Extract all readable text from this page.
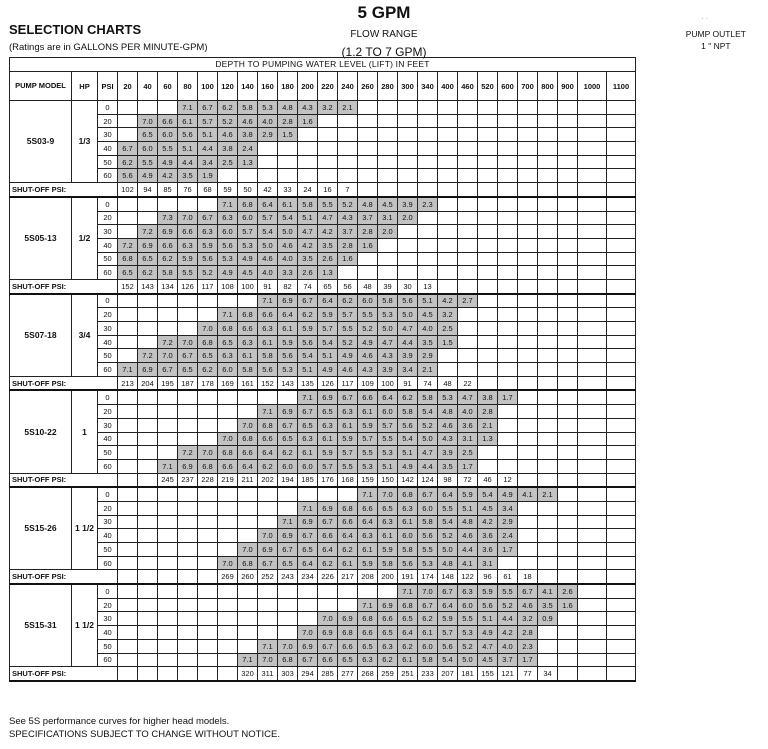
SELECTION CHARTS
(Ratings are in GALLONS PER MINUTE-GPM)
5 GPM
FLOW RANGE
(1.2 TO 7 GPM)
. .
PUMP OUTLET
1 " NPT
DEPTH TO PUMPING WATER LEVEL (LIFT) IN FEET																											
PUMP MODEL	HP	PSI	20	40	60	80	100	120	140	160	180	200	220	240	260	280	300	340	400	460	520	600	700	800	900	1000	1100
5S03-9	1/3	0				7.1	6.7	6.2	5.8	5.3	4.8	4.3	3.2	2.1													
		20		7.0	6.6	6.1	5.7	5.2	4.6	4.0	2.8	1.6															
		30		6.5	6.0	5.6	5.1	4.6	3.8	2.9	1.5																
		40	6.7	6.0	5.5	5.1	4.4	3.8	2.4																		
		50	6.2	5.5	4.9	4.4	3.4	2.5	1.3																		
		60	5.6	4.9	4.2	3.5	1.9																				
SHUT-OFF PSI:			102	94	85	76	68	59	50	42	33	24	16	7													
5S05-13	1/2	0						7.1	6.8	6.4	6.1	5.8	5.5	5.2	4.8	4.5	3.9	2.3									
		20			7.3	7.0	6.7	6.3	6.0	5.7	5.4	5.1	4.7	4.3	3.7	3.1	2.0										
		30		7.2	6.9	6.6	6.3	6.0	5.7	5.4	5.0	4.7	4.2	3.7	2.8	2.0											
		40	7.2	6.9	6.6	6.3	5.9	5.6	5.3	5.0	4.6	4.2	3.5	2.8	1.6												
		50	6.8	6.5	6.2	5.9	5.6	5.3	4.9	4.6	4.0	3.5	2.6	1.6													
		60	6.5	6.2	5.8	5.5	5.2	4.9	4.5	4.0	3.3	2.6	1.3														
SHUT-OFF PSI:			152	143	134	126	117	108	100	91	82	74	65	56	48	39	30	13									
5S07-18	3/4	0								7.1	6.9	6.7	6.4	6.2	6.0	5.8	5.6	5.1	4.2	2.7							
		20						7.1	6.8	6.6	6.4	6.2	5.9	5.7	5.5	5.3	5.0	4.5	3.2								
		30					7.0	6.8	6.6	6.3	6.1	5.9	5.7	5.5	5.2	5.0	4.7	4.0	2.5								
		40			7.2	7.0	6.8	6.5	6.3	6.1	5.9	5.6	5.4	5.2	4.9	4.7	4.4	3.5	1.5								
		50		7.2	7.0	6.7	6.5	6.3	6.1	5.8	5.6	5.4	5.1	4.9	4.6	4.3	3.9	2.9									
		60	7.1	6.9	6.7	6.5	6.2	6.0	5.8	5.6	5.3	5.1	4.9	4.6	4.3	3.9	3.4	2.1									
SHUT-OFF PSI:			213	204	195	187	178	169	161	152	143	135	126	117	109	100	91	74	48	22							
5S10-22	1	0										7.1	6.9	6.7	6.6	6.4	6.2	5.8	5.3	4.7	3.8	1.7					
		20								7.1	6.9	6.7	6.5	6.3	6.1	6.0	5.8	5.4	4.8	4.0	2.8						
		30							7.0	6.8	6.7	6.5	6.3	6.1	5.9	5.7	5.6	5.2	4.6	3.6	2.1						
		40						7.0	6.8	6.6	6.5	6.3	6.1	5.9	5.7	5.5	5.4	5.0	4.3	3.1	1.3						
		50				7.2	7.0	6.8	6.6	6.4	6.2	6.1	5.9	5.7	5.5	5.3	5.1	4.7	3.9	2.5							
		60			7.1	6.9	6.8	6.6	6.4	6.2	6.0	6.0	5.7	5.5	5.3	5.1	4.9	4.4	3.5	1.7							
SHUT-OFF PSI:					245	237	228	219	211	202	194	185	176	168	159	150	142	124	98	72	46	12					
5S15-26	1 1/2	0													7.1	7.0	6.8	6.7	6.4	5.9	5.4	4.9	4.1	2.1			
		20										7.1	6.9	6.8	6.6	6.5	6.3	6.0	5.5	5.1	4.5	3.4					
		30									7.1	6.9	6.7	6.6	6.4	6.3	6.1	5.8	5.4	4.8	4.2	2.9					
		40								7.0	6.9	6.7	6.6	6.4	6.3	6.1	6.0	5.6	5.2	4.6	3.6	2.4					
		50							7.0	6.9	6.7	6.5	6.4	6.2	6.1	5.9	5.8	5.5	5.0	4.4	3.6	1.7					
		60						7.0	6.8	6.7	6.5	6.4	6.2	6.1	5.9	5.8	5.6	5.3	4.8	4.1	3.1						
SHUT-OFF PSI:								269	260	252	243	234	226	217	208	200	191	174	148	122	96	61	18				
5S15-31	1 1/2	0															7.1	7.0	6.7	6.3	5.9	5.5	6.7	4.1	2.6		
		20													7.1	6.9	6.8	6.7	6.4	6.0	5.6	5.2	4.6	3.5	1.6		
		30											7.0	6.9	6.8	6.6	6.5	6.2	5.9	5.5	5.1	4.4	3.2	0.9			
		40										7.0	6.9	6.8	6.6	6.5	6.4	6.1	5.7	5.3	4.9	4.2	2.8				
		50								7.1	7.0	6.9	6.7	6.6	6.5	6.3	6.2	6.0	5.6	5.2	4.7	4.0	2.3				
		60							7.1	7.0	6.8	6.7	6.6	6.5	6.3	6.2	6.1	5.8	5.4	5.0	4.5	3.7	1.7				
SHUT-OFF PSI:									320	311	303	294	285	277	268	259	251	233	207	181	155	121	77	34			
See 5S performance curves for higher head models.
SPECIFICATIONS SUBJECT TO CHANGE WITHOUT NOTICE.
